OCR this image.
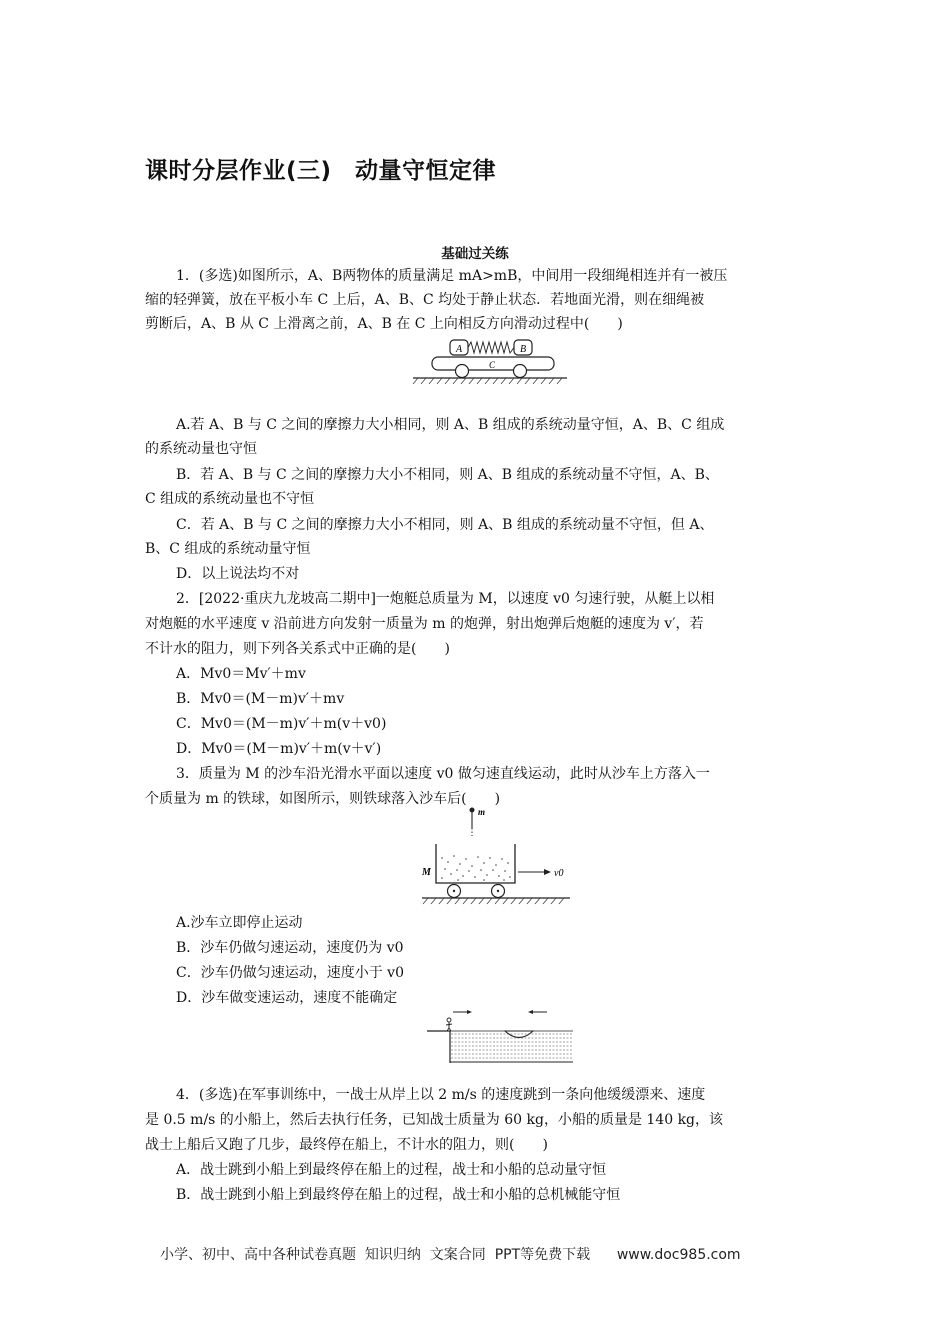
课时分层作业(三)　动量守恒定律
基础过关练
1．(多选)如图所示，A、B两物体的质量满足 mA>mB，中间用一段细绳相连并有一被压
缩的轻弹簧，放在平板小车 C 上后，A、B、C 均处于静止状态．若地面光滑，则在细绳被
剪断后，A、B 从 C 上滑离之前，A、B 在 C 上向相反方向滑动过程中(　　)
A	B
C
A.若 A、B 与 C 之间的摩擦力大小相同，则 A、B 组成的系统动量守恒，A、B、C 组成
的系统动量也守恒
B．若 A、B 与 C 之间的摩擦力大小不相同，则 A、B 组成的系统动量不守恒，A、B、
C 组成的系统动量也不守恒
C．若 A、B 与 C 之间的摩擦力大小不相同，则 A、B 组成的系统动量不守恒，但 A、
B、C 组成的系统动量守恒
D．以上说法均不对
2．[2022·重庆九龙坡高二期中]一炮艇总质量为 M，以速度 v0 匀速行驶，从艇上以相
对炮艇的水平速度 v 沿前进方向发射一质量为 m 的炮弹，射出炮弹后炮艇的速度为 v′，若
不计水的阻力，则下列各关系式中正确的是(　　)
A．Mv0＝Mv′＋mv
B．Mv0＝(M－m)v′＋mv
C．Mv0＝(M－m)v′＋m(v＋v0)
D．Mv0＝(M－m)v′＋m(v＋v′)
3．质量为 M 的沙车沿光滑水平面以速度 v0 做匀速直线运动，此时从沙车上方落入一
个质量为 m 的铁球，如图所示，则铁球落入沙车后(　　)
m
M	v0
A.沙车立即停止运动
B．沙车仍做匀速运动，速度仍为 v0
C．沙车仍做匀速运动，速度小于 v0
D．沙车做变速运动，速度不能确定
4．(多选)在军事训练中，一战士从岸上以 2 m/s 的速度跳到一条向他缓缓漂来、速度
是 0.5 m/s 的小船上，然后去执行任务，已知战士质量为 60 kg，小船的质量是 140 kg，该
战士上船后又跑了几步，最终停在船上，不计水的阻力，则(　　)
A．战士跳到小船上到最终停在船上的过程，战士和小船的总动量守恒
B．战士跳到小船上到最终停在船上的过程，战士和小船的总机械能守恒
小学、初中、高中各种试卷真题  知识归纳  文案合同  PPT等免费下载      www.doc985.com
